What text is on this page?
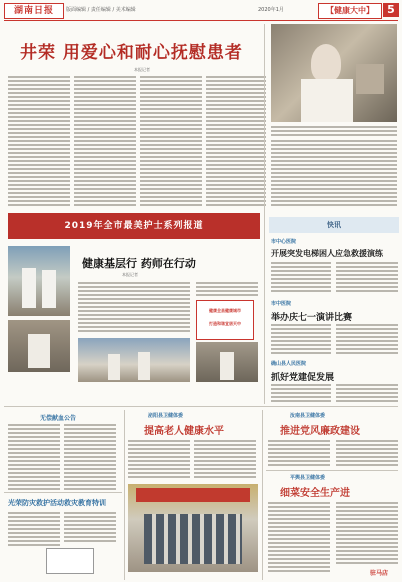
湖南日报	版面编辑 / 责任编辑 / 美术编辑	2020年1月	【健康大中】	5
井荣 用爱心和耐心抚慰患者
本报记者
2019年全市最美护士系列报道
健康基层行 药师在行动
本报记者
健康全县健康城市
打造和谐宜居天中
快讯
市中心医院
开展突发电梯困人应急救援演练
市中医院
举办庆七一演讲比赛
确山县人民医院
抓好党建促发展
无偿献血公告
光荣防灾救护活动救灾教育特训
泌阳县卫健体委
提高老人健康水平
汝南县卫健体委
推进党风廉政建设
平舆县卫健体委
细菜安全生产进
驻马店
